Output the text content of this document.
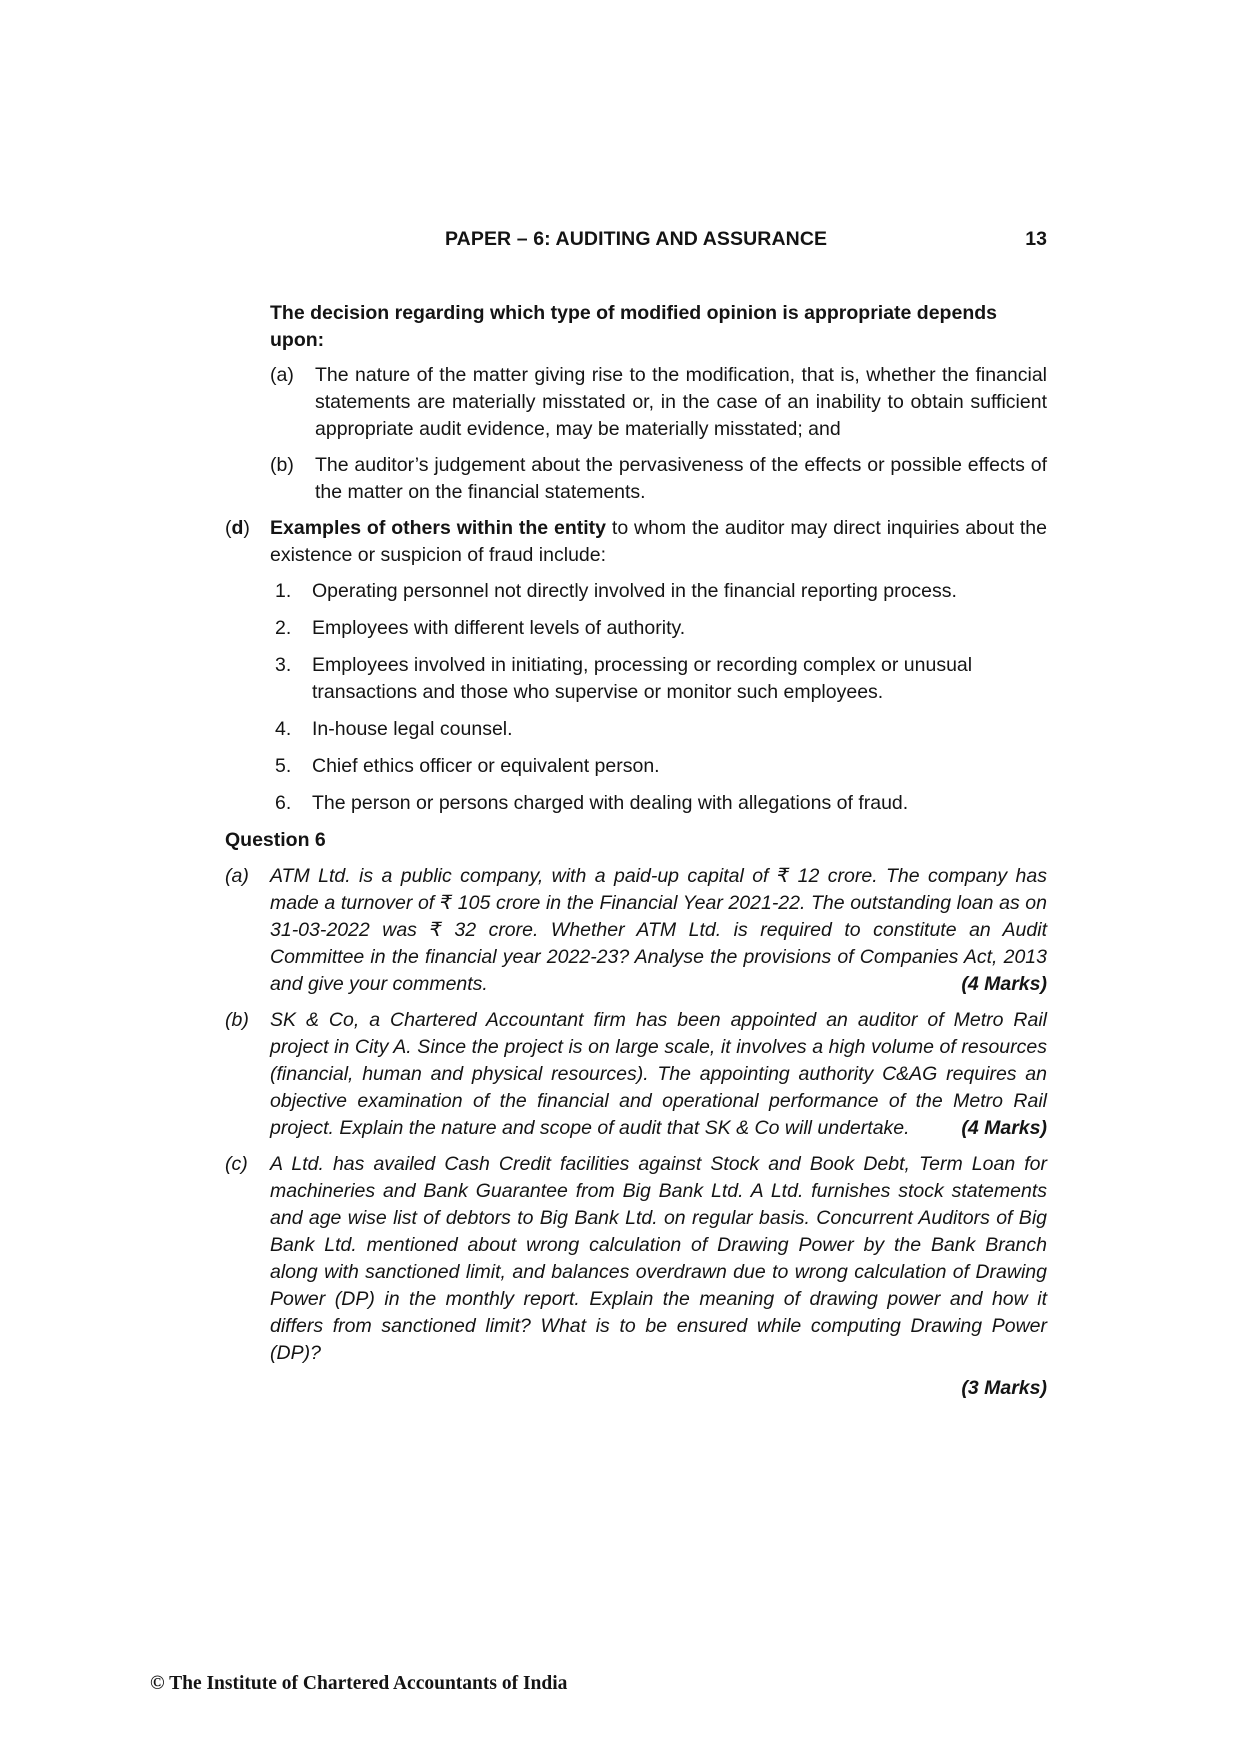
PAPER – 6: AUDITING AND ASSURANCE	13
The decision regarding which type of modified opinion is appropriate depends upon:
(a) The nature of the matter giving rise to the modification, that is, whether the financial statements are materially misstated or, in the case of an inability to obtain sufficient appropriate audit evidence, may be materially misstated; and
(b) The auditor’s judgement about the pervasiveness of the effects or possible effects of the matter on the financial statements.
(d) Examples of others within the entity to whom the auditor may direct inquiries about the existence or suspicion of fraud include:
1. Operating personnel not directly involved in the financial reporting process.
2. Employees with different levels of authority.
3. Employees involved in initiating, processing or recording complex or unusual transactions and those who supervise or monitor such employees.
4. In-house legal counsel.
5. Chief ethics officer or equivalent person.
6. The person or persons charged with dealing with allegations of fraud.
Question 6
(a) ATM Ltd. is a public company, with a paid-up capital of ₹ 12 crore. The company has made a turnover of ₹ 105 crore in the Financial Year 2021-22. The outstanding loan as on 31-03-2022 was ₹ 32 crore. Whether ATM Ltd. is required to constitute an Audit Committee in the financial year 2022-23? Analyse the provisions of Companies Act, 2013 and give your comments.	(4 Marks)
(b) SK & Co, a Chartered Accountant firm has been appointed an auditor of Metro Rail project in City A. Since the project is on large scale, it involves a high volume of resources (financial, human and physical resources). The appointing authority C&AG requires an objective examination of the financial and operational performance of the Metro Rail project. Explain the nature and scope of audit that SK & Co will undertake.	(4 Marks)
(c) A Ltd. has availed Cash Credit facilities against Stock and Book Debt, Term Loan for machineries and Bank Guarantee from Big Bank Ltd. A Ltd. furnishes stock statements and age wise list of debtors to Big Bank Ltd. on regular basis. Concurrent Auditors of Big Bank Ltd. mentioned about wrong calculation of Drawing Power by the Bank Branch along with sanctioned limit, and balances overdrawn due to wrong calculation of Drawing Power (DP) in the monthly report. Explain the meaning of drawing power and how it differs from sanctioned limit? What is to be ensured while computing Drawing Power (DP)?
(3 Marks)
© The Institute of Chartered Accountants of India
